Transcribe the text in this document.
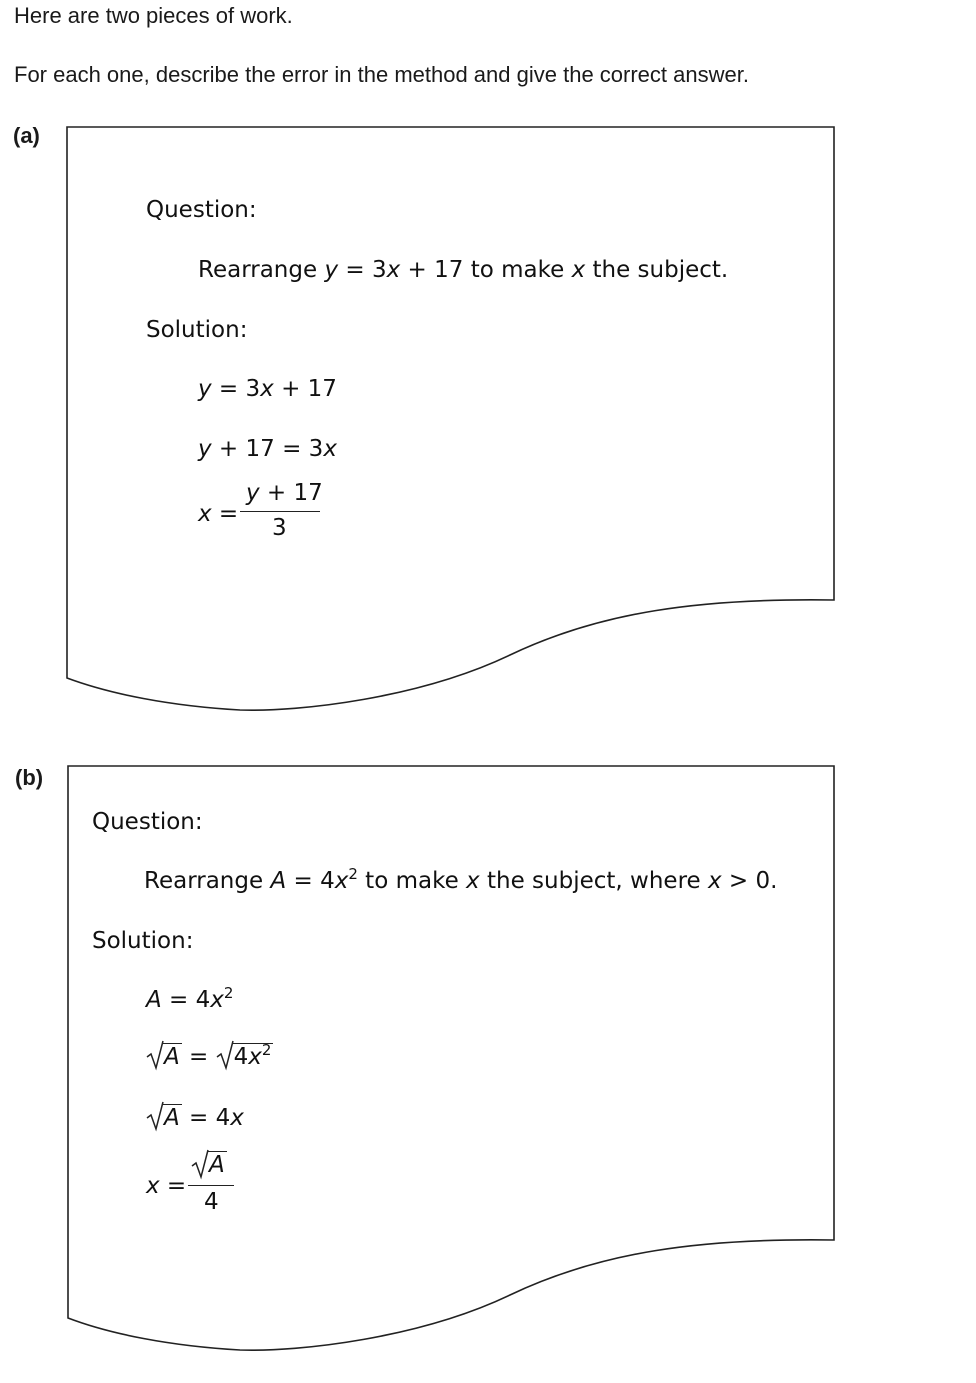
Here are two pieces of work.
For each one, describe the error in the method and give the correct answer.
(a)
(b)
Question:
Rearrange y = 3x + 17 to make x the subject.
Solution:
y = 3x + 17
y + 17 = 3x
x =
y + 17
3
Question:
Rearrange $A = 4x^2$ to make x the subject, where x > 0.
Solution:
$A = 4x^2$
A =
$4x^2$
A = 4x
x =
A
4
